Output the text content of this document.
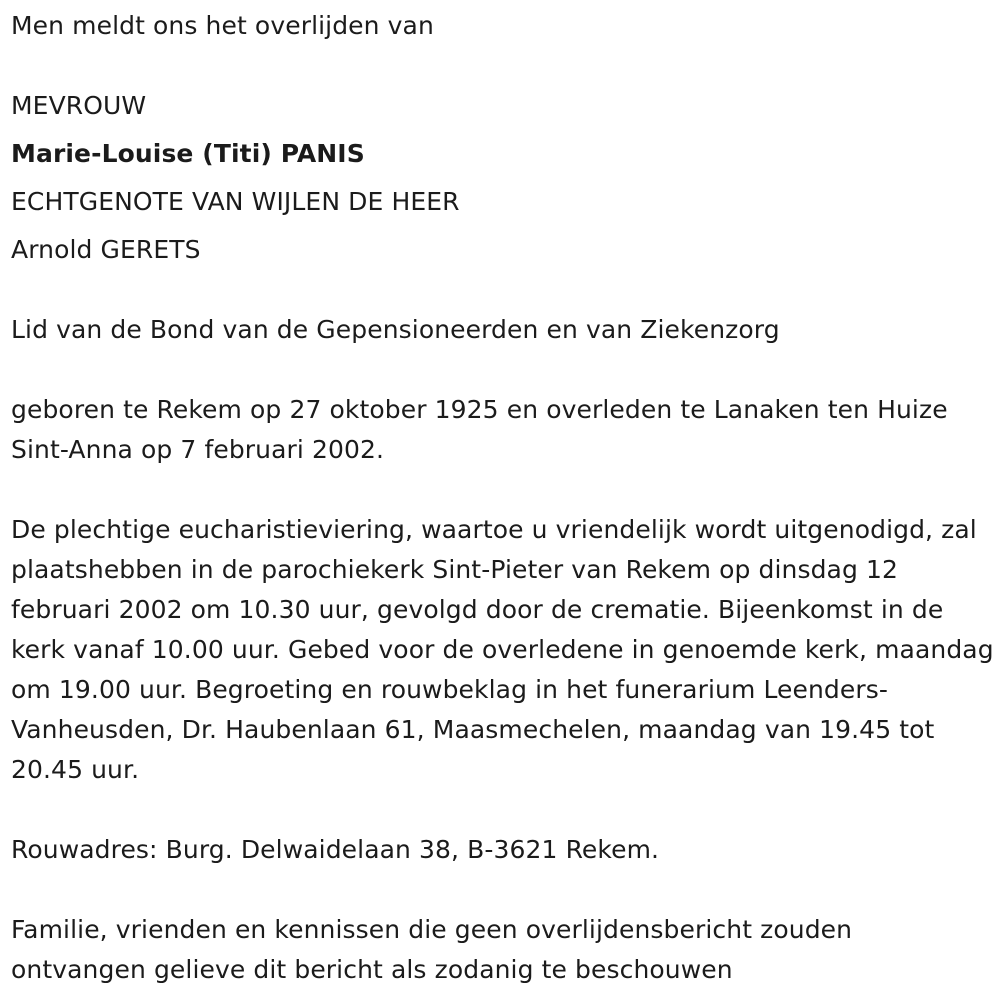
Men meldt ons het overlijden van
MEVROUW
Marie-Louise (Titi) PANIS
ECHTGENOTE VAN WIJLEN DE HEER
Arnold GERETS
Lid van de Bond van de Gepensioneerden en van Ziekenzorg
geboren te Rekem op 27 oktober 1925 en overleden te Lanaken ten Huize Sint-Anna op 7 februari 2002.
De plechtige eucharistieviering, waartoe u vriendelijk wordt uitgenodigd, zal plaatshebben in de parochiekerk Sint-Pieter van Rekem op dinsdag 12 februari 2002 om 10.30 uur, gevolgd door de crematie. Bijeenkomst in de kerk vanaf 10.00 uur. Gebed voor de overledene in genoemde kerk, maandag om 19.00 uur. Begroeting en rouwbeklag in het funerarium Leenders-Vanheusden, Dr. Haubenlaan 61, Maasmechelen, maandag van 19.45 tot 20.45 uur.
Rouwadres: Burg. Delwaidelaan 38, B-3621 Rekem.
Familie, vrienden en kennissen die geen overlijdensbericht zouden ontvangen gelieve dit bericht als zodanig te beschouwen
